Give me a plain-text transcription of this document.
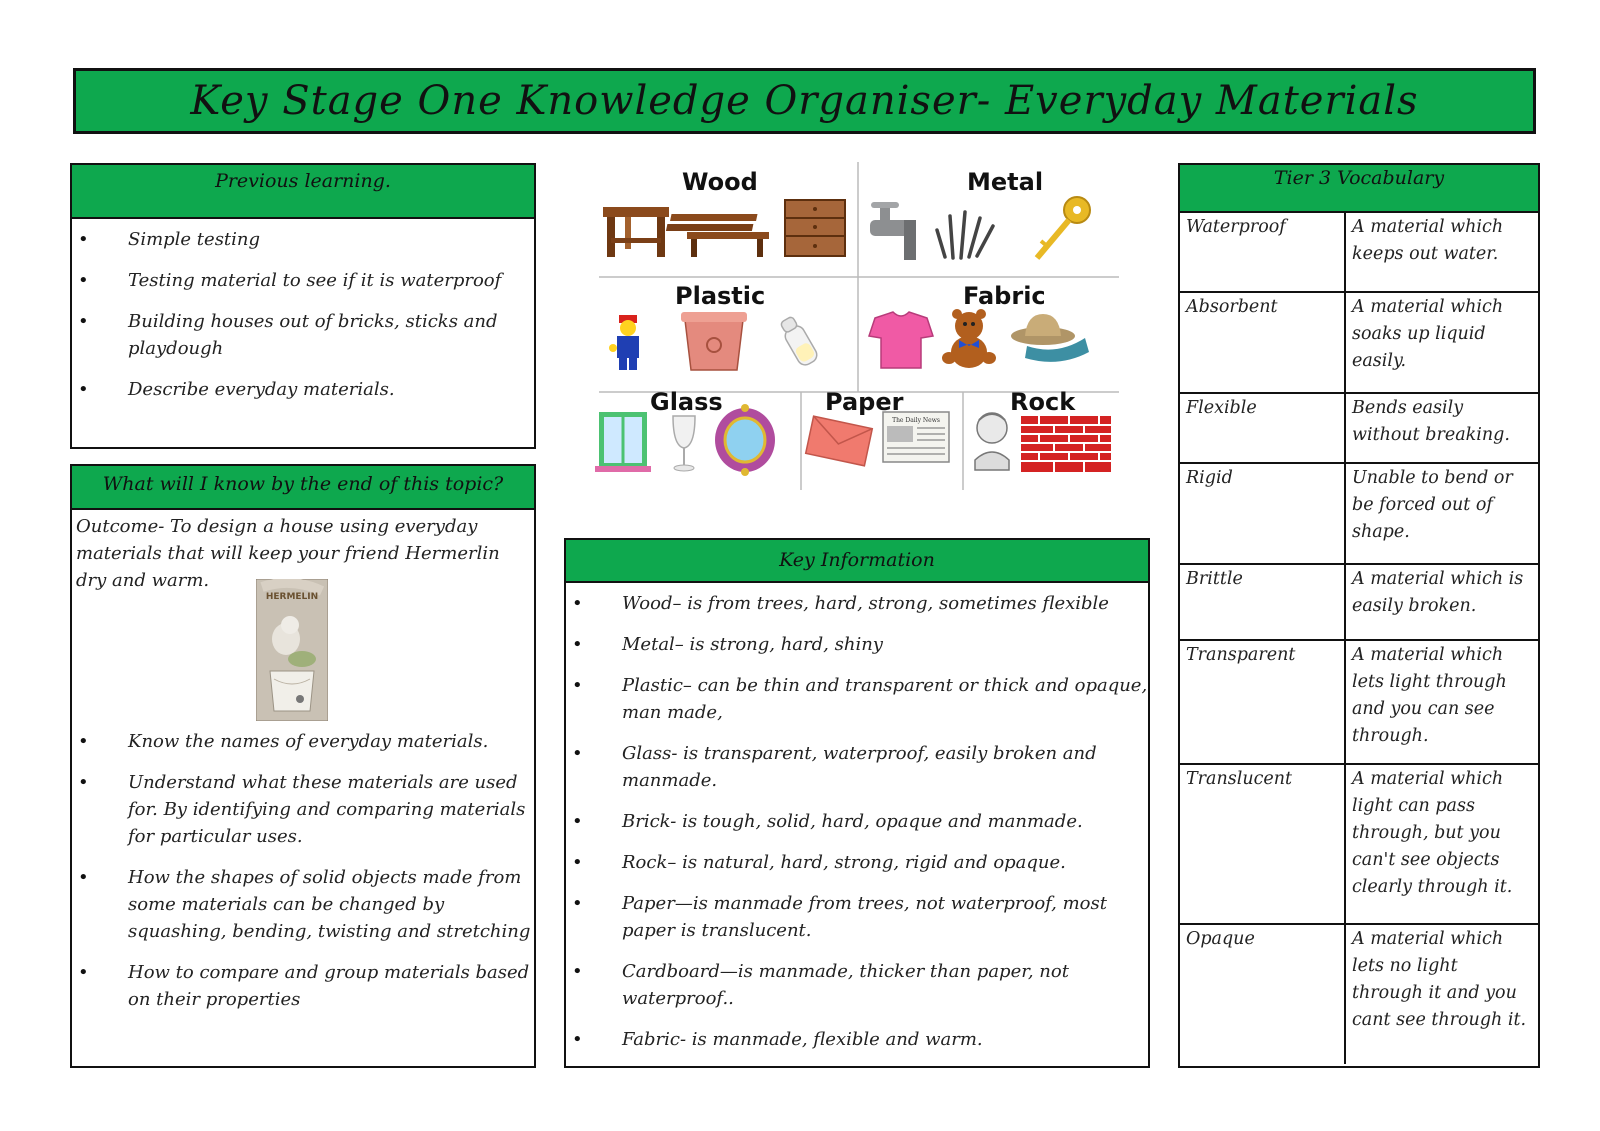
Key Stage One Knowledge Organiser- Everyday Materials
Previous learning.
• Simple testing
• Testing material to see if it is waterproof
• Building houses out of bricks, sticks and playdough
• Describe everyday materials.
What will I know by the end of this topic?
Outcome- To design a house using everyday materials that will keep your friend Hermerlin dry and warm.
HERMELIN
• Know the names of everyday materials.
• Understand what these materials are used for. By identifying and comparing materials for particular uses.
• How the shapes of solid objects made from some materials can be changed by squashing, bending, twisting and stretching
• How to compare and group materials based on their properties
The Daily News
Wood	Metal
Plastic	Fabric
Glass	Paper	Rock
Key Information
• Wood– is from trees, hard, strong, sometimes flexible
• Metal– is strong, hard, shiny
• Plastic– can be thin and transparent or thick and opaque, man made,
• Glass- is transparent, waterproof, easily broken and manmade.
• Brick- is tough, solid, hard, opaque and manmade.
• Rock– is natural, hard, strong, rigid and opaque.
• Paper—is manmade from trees, not waterproof, most paper is translucent.
• Cardboard—is manmade, thicker than paper, not waterproof..
• Fabric- is manmade, flexible and warm.
Tier 3 Vocabulary
Waterproof	A material which keeps out water.
Absorbent	A material which soaks up liquid easily.
Flexible	Bends easily without breaking.
Rigid	Unable to bend or be forced out of shape.
Brittle	A material which is easily broken.
Transparent	A material which lets light through and you can see through.
Translucent	A material which light can pass through, but you can't see objects clearly through it.
Opaque	A material which lets no light through it and you cant see through it.
